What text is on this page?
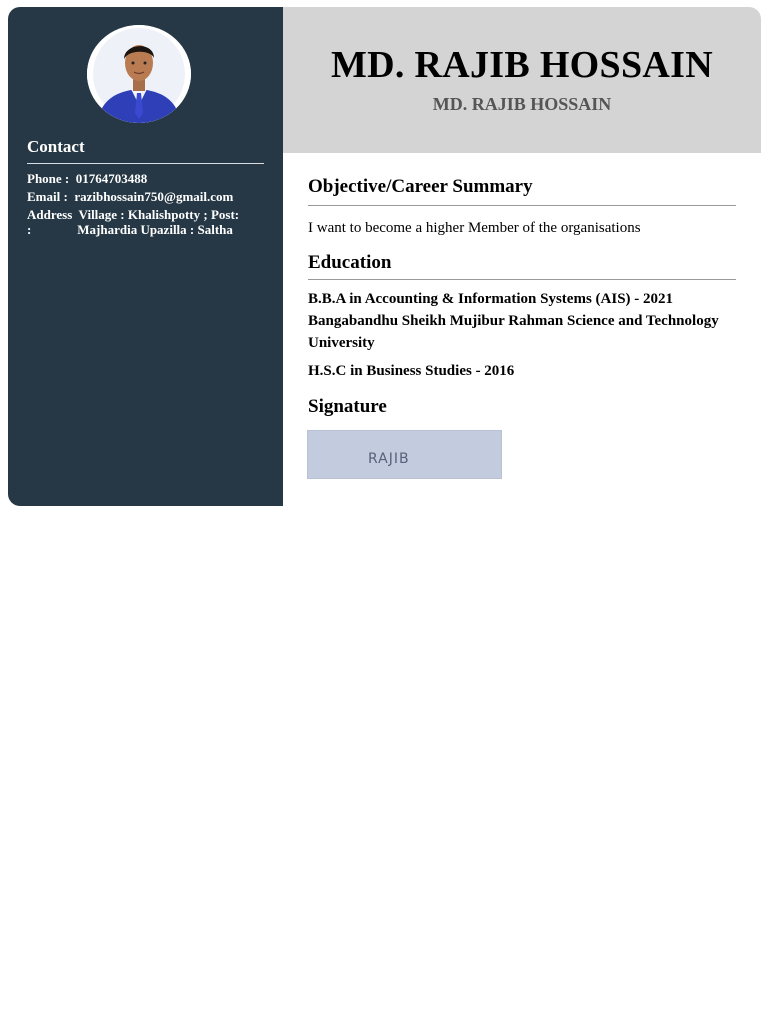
Contact
Phone : 01764703488
Email : razibhossain750@gmail.com
Address Village : Khalishpotty ; Post:
:	Majhardia Upazilla : Saltha
MD. RAJIB HOSSAIN
MD. RAJIB HOSSAIN
Objective/Career Summary
I want to become a higher Member of the organisations
Education
B.B.A in Accounting & Information Systems (AIS) - 2021
Bangabandhu Sheikh Mujibur Rahman Science and Technology University
H.S.C in Business Studies - 2016
Signature
RAJIB
